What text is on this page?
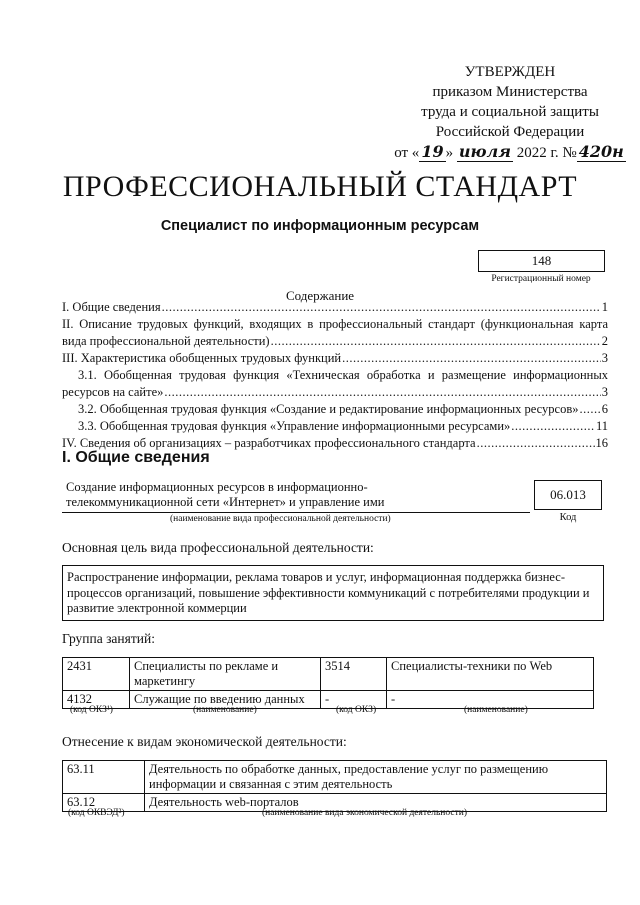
УТВЕРЖДЕН
приказом Министерства
труда и социальной защиты
Российской Федерации
от « 19 » июля 2022 г. № 420н
ПРОФЕССИОНАЛЬНЫЙ СТАНДАРТ
Специалист по информационным ресурсам
148
Регистрационный номер
Содержание
I. Общие сведения .....	1
II. Описание трудовых функций, входящих в профессиональный стандарт (функциональная карта
вида профессиональной деятельности) .....	2
III. Характеристика обобщенных трудовых функций .....	3
3.1. Обобщенная трудовая функция «Техническая обработка и размещение информационных
ресурсов на сайте» .....	3
3.2. Обобщенная трудовая функция «Создание и редактирование информационных ресурсов» ..... 6
3.3. Обобщенная трудовая функция «Управление информационными ресурсами» .....	11
IV. Сведения об организациях – разработчиках профессионального стандарта .....	16
I. Общие сведения
Создание информационных ресурсов в информационно-
телекоммуникационной сети «Интернет» и управление ими
(наименование вида профессиональной деятельности)
06.013
Код
Основная цель вида профессиональной деятельности:
Распространение информации, реклама товаров и услуг, информационная поддержка бизнес-процессов организаций, повышение эффективности коммуникаций с потребителями продукции и развитие электронной коммерции
Группа занятий:
2431	Специалисты по рекламе и маркетингу	3514	Специалисты-техники по Web
4132	Служащие по введению данных	-	-
(код ОКЗ¹)	(наименование)	(код ОКЗ)	(наименование)
Отнесение к видам экономической деятельности:
63.11	Деятельность по обработке данных, предоставление услуг по размещению информации и связанная с этим деятельность
63.12	Деятельность web-порталов
(код ОКВЭД²)	(наименование вида экономической деятельности)
